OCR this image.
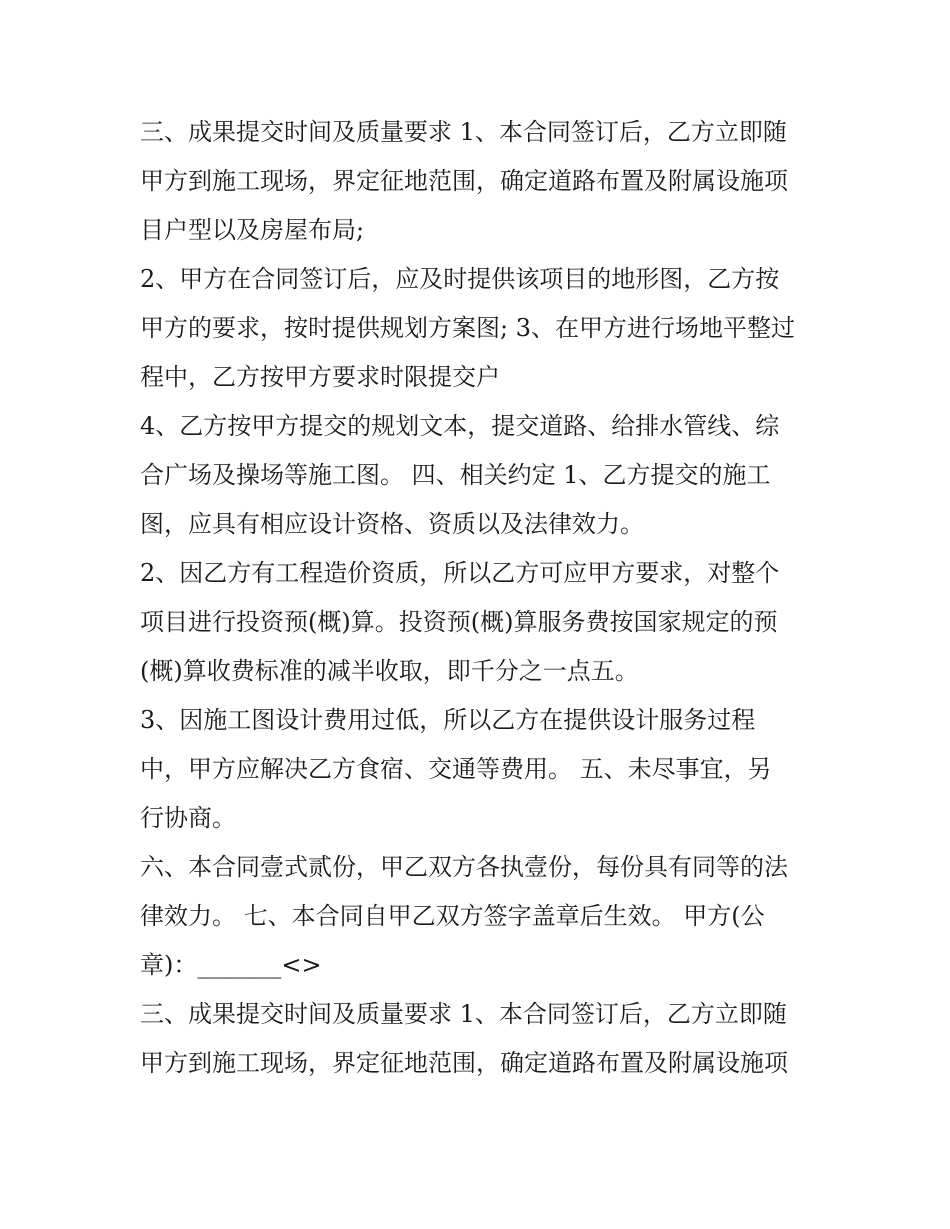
三、成果提交时间及质量要求 1、本合同签订后，乙方立即随
甲方到施工现场，界定征地范围，确定道路布置及附属设施项
目户型以及房屋布局;

2、甲方在合同签订后，应及时提供该项目的地形图，乙方按
甲方的要求，按时提供规划方案图; 3、在甲方进行场地平整过
程中，乙方按甲方要求时限提交户

4、乙方按甲方提交的规划文本，提交道路、给排水管线、综
合广场及操场等施工图。 四、相关约定 1、乙方提交的施工
图，应具有相应设计资格、资质以及法律效力。

2、因乙方有工程造价资质，所以乙方可应甲方要求，对整个
项目进行投资预(概)算。投资预(概)算服务费按国家规定的预
(概)算收费标准的减半收取，即千分之一点五。

3、因施工图设计费用过低，所以乙方在提供设计服务过程
中，甲方应解决乙方食宿、交通等费用。 五、未尽事宜，另
行协商。

六、本合同壹式贰份，甲乙双方各执壹份，每份具有同等的法
律效力。 七、本合同自甲乙双方签字盖章后生效。 甲方(公
章)：_______<>

三、成果提交时间及质量要求 1、本合同签订后，乙方立即随
甲方到施工现场，界定征地范围，确定道路布置及附属设施项
